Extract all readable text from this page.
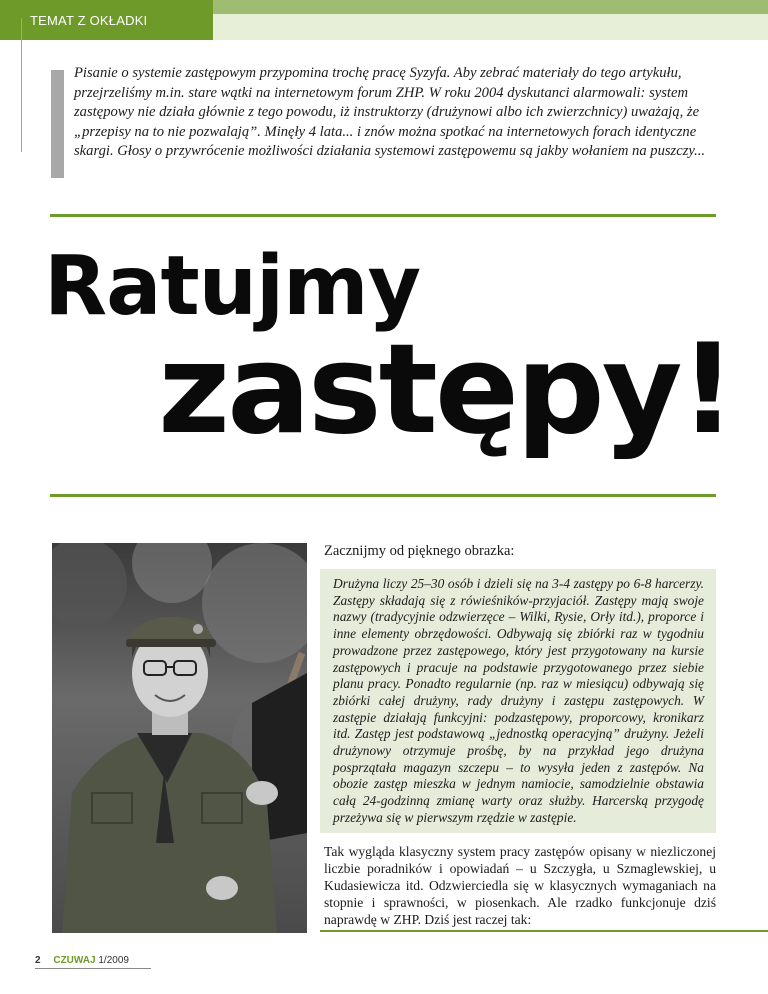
TEMAT Z OKŁADKI

Pisanie o systemie zastępowym przypomina trochę pracę Syzyfa. Aby zebrać materiały do tego artykułu, przejrzeliśmy m.in. stare wątki na internetowym forum ZHP. W roku 2004 dyskutanci alarmowali: system zastępowy nie działa głównie z tego powodu, iż instruktorzy (drużynowi albo ich zwierzchnicy) uważają, że „przepisy na to nie pozwalają”. Minęły 4 lata... i znów można spotkać na internetowych forach identyczne skargi. Głosy o przywrócenie możliwości działania systemowi zastępowemu są jakby wołaniem na puszczy...

Ratujmy
zastępy!
Zacznijmy od pięknego obrazka:

Drużyna liczy 25–30 osób i dzieli się na 3-4 zastępy po 6-8 harcerzy. Zastępy składają się z rówieśników-przyjaciół. Zastępy mają swoje nazwy (tradycyjnie odzwierzęce – Wilki, Rysie, Orły itd.), proporce i inne elementy obrzędowości. Odbywają się zbiórki raz w tygodniu prowadzone przez zastępowego, który jest przygotowany na kursie zastępowych i pracuje na podstawie przygotowanego przez siebie planu pracy. Ponadto regularnie (np. raz w miesiącu) odbywają się zbiórki całej drużyny, rady drużyny i zastępu zastępowych. W zastępie działają funkcyjni: podzastępowy, proporcowy, kronikarz itd. Zastęp jest podstawową „jednostką operacyjną” drużyny. Jeżeli drużynowy otrzymuje prośbę, by na przykład jego drużyna posprzątała magazyn szczepu – to wysyła jeden z zastępów. Na obozie zastęp mieszka w jednym namiocie, samodzielnie obstawia całą 24-godzinną zmianę warty oraz służby. Harcerską przygodę przeżywa się w pierwszym rzędzie w zastępie.

Tak wygląda klasyczny system pracy zastępów opisany w niezliczonej liczbie poradników i opowiadań – u Szczygła, u Szmaglewskiej, u Kudasiewicza itd. Odzwierciedla się w klasycznych wymaganiach na stopnie i sprawności, w piosenkach. Ale rzadko funkcjonuje dziś naprawdę w ZHP. Dziś jest raczej tak:

2 CZUWAJ 1/2009
